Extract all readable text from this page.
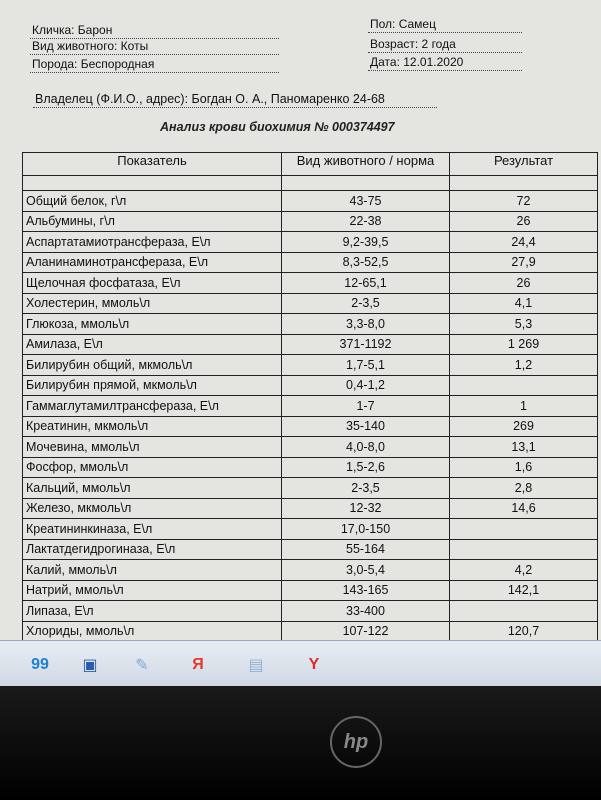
Кличка: Барон
Вид животного: Коты
Порода: Беспородная
Пол: Самец
Возраст: 2 года
Дата: 12.01.2020
Владелец (Ф.И.О., адрес): Богдан О. А., Паномаренко 24-68
Анализ крови биохимия № 000374497
Показатель	Вид животного / норма	Результат

Общий белок, г\л	43-75	72
Альбумины, г\л	22-38	26
Аспартатамиотрансфераза, Е\л	9,2-39,5	24,4
Аланинаминотрансфераза, Е\л	8,3-52,5	27,9
Щелочная фосфатаза, Е\л	12-65,1	26
Холестерин, ммоль\л	2-3,5	4,1
Глюкоза, ммоль\л	3,3-8,0	5,3
Амилаза, Е\л	371-1192	1 269
Билирубин общий, мкмоль\л	1,7-5,1	1,2
Билирубин прямой, мкмоль\л	0,4-1,2	
Гаммаглутамилтрансфераза, Е\л	1-7	1
Креатинин, мкмоль\л	35-140	269
Мочевина, ммоль\л	4,0-8,0	13,1
Фосфор, ммоль\л	1,5-2,6	1,6
Кальций, ммоль\л	2-3,5	2,8
Железо, мкмоль\л	12-32	14,6
Креатининкиназа, Е\л	17,0-150	
Лактатдегидрогиназа, Е\л	55-164	
Калий, ммоль\л	3,0-5,4	4,2
Натрий, ммоль\л	143-165	142,1
Липаза, Е\л	33-400	
Хлориды, ммоль\л	107-122	120,7
99 ▣ ✎	Я	▤	Y
hp
